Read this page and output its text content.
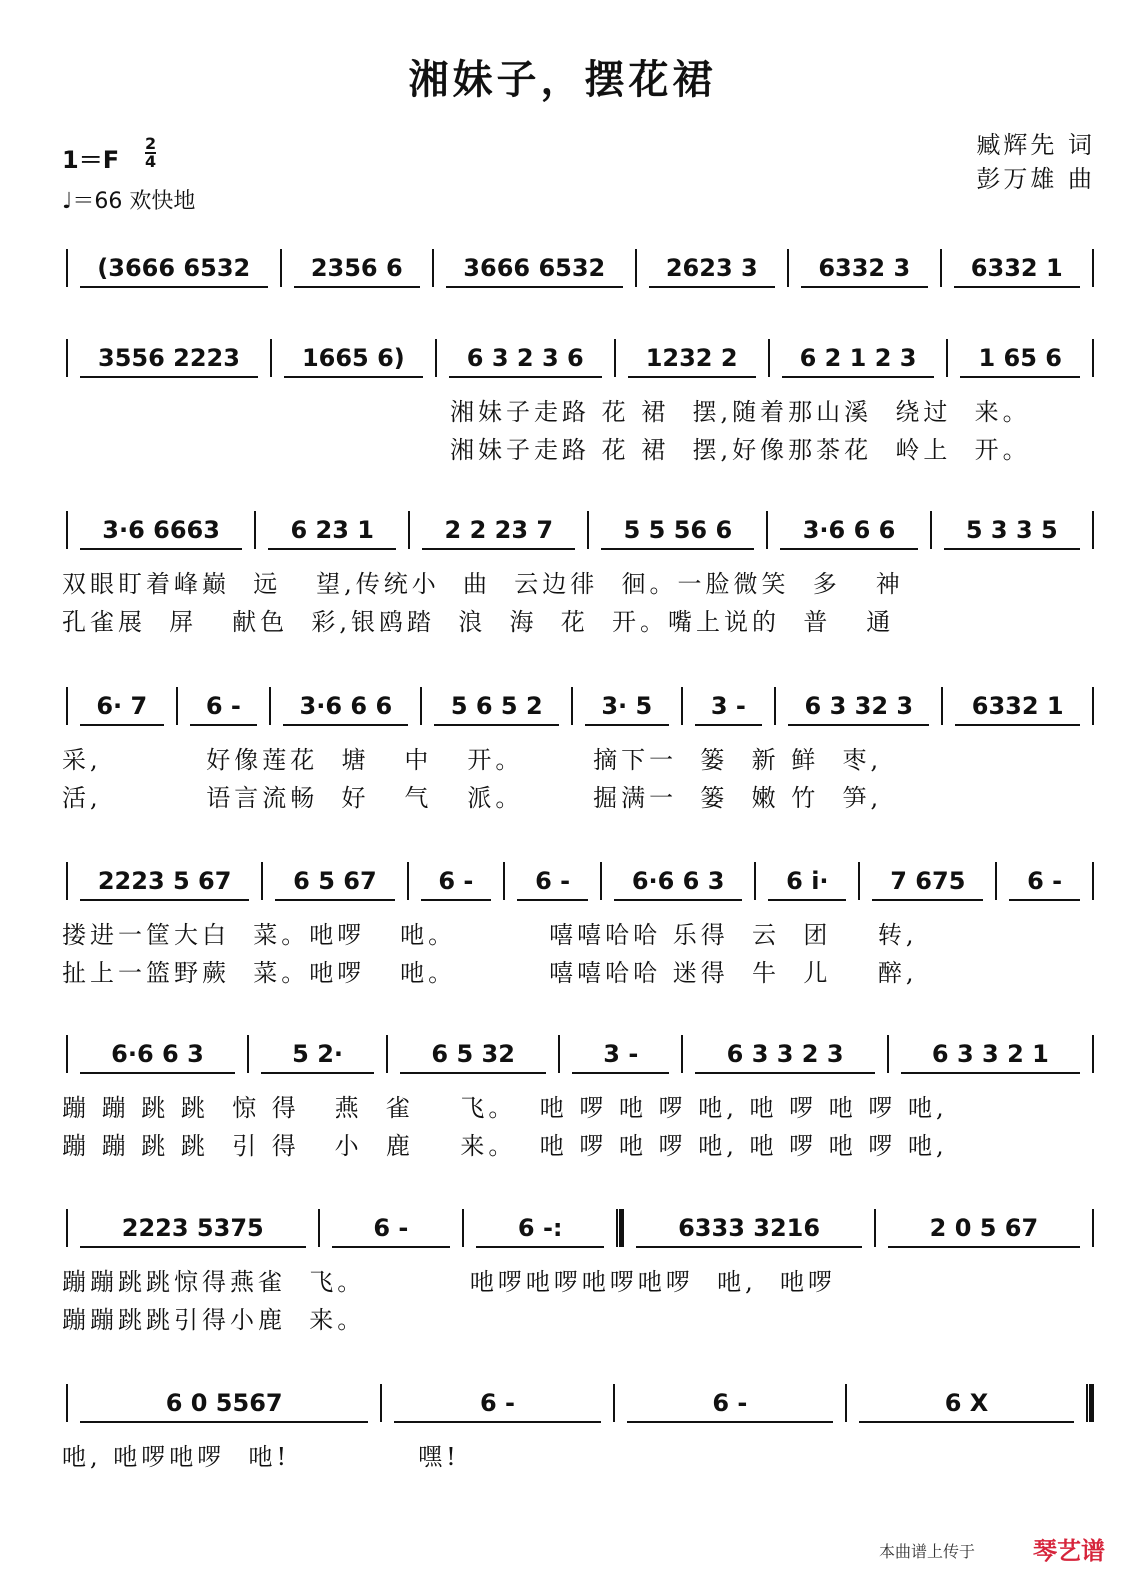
湘妹子，摆花裙
1＝F
2
4
♩＝66 欢快地
臧辉先 词
彭万雄 曲
(3666 6532	2356 6	3666 6532	2623 3	6332 3	6332 1
3556 2223	1665 6)	6 3 2 3 6	1232 2	6 2 1 2 3	1 65 6
湘妹子走路 花 裙  摆,随着那山溪  绕过  来。
湘妹子走路 花 裙  摆,好像那茶花  岭上  开。
3·6 6663	6 23 1	2 2 23 7	5 5 56 6	3·6 6 6	5 3 3 5
双眼盯着峰巅  远   望,传统小  曲  云边徘  徊。一脸微笑  多   神
孔雀展  屏   献色  彩,银鸥踏  浪  海  花  开。嘴上说的  普   通
6· 7	6 -	3·6 6 6	5 6 5 2	3· 5	3 -	6 3 32 3	6332 1
采,         好像莲花  塘   中   开。      摘下一  篓  新 鲜  枣,
活,         语言流畅  好   气   派。      掘满一  篓  嫩 竹  笋,
2223 5 67	6 5 67	6 -	6 -	6·6 6 3	6 i·	7 675	6 -
搂进一筐大白  菜。吔啰   吔。        嘻嘻哈哈 乐得  云  团    转,
扯上一篮野蕨  菜。吔啰   吔。        嘻嘻哈哈 迷得  牛  儿    醉,
6·6 6 3	5 2·	6 5 32	3 -	6 3 3 2 3	6 3 3 2 1
蹦 蹦 跳 跳  惊 得   燕  雀    飞。  吔 啰 吔 啰 吔, 吔 啰 吔 啰 吔,
蹦 蹦 跳 跳  引 得   小  鹿    来。  吔 啰 吔 啰 吔, 吔 啰 吔 啰 吔,
2223 5375	6 -	6 -:	6333 3216	2 0 5 67
蹦蹦跳跳惊得燕雀  飞。         吔啰吔啰吔啰吔啰  吔,  吔啰
蹦蹦跳跳引得小鹿  来。
6 0 5567	6 -	6 -	6 X
吔, 吔啰吔啰  吔!           嘿!
本曲谱上传于 琴艺谱
